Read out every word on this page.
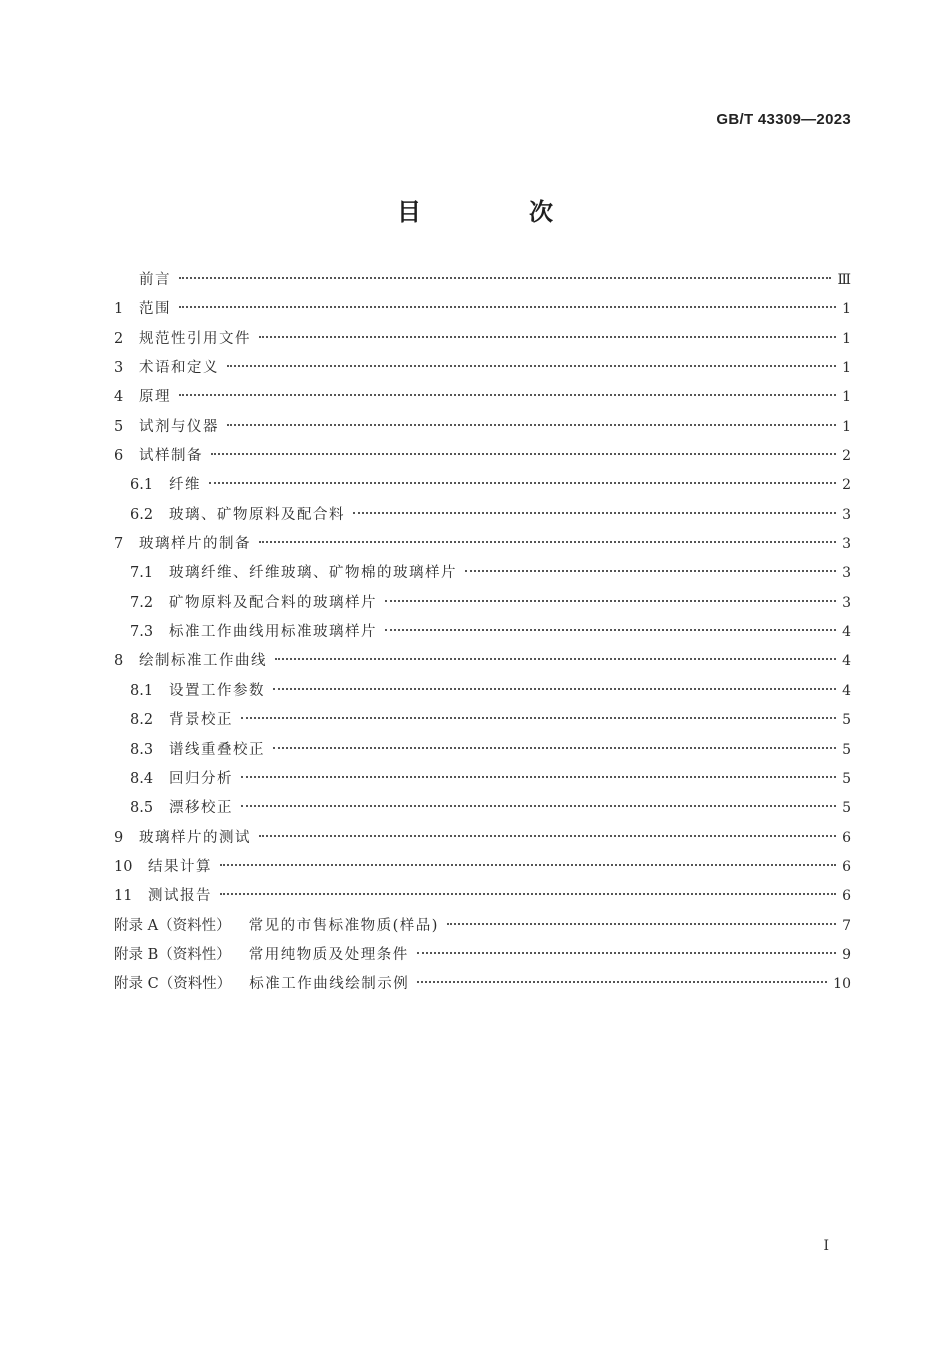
GB/T 43309—2023
目　次
前言	Ⅲ
1	范围	1
2	规范性引用文件	1
3	术语和定义	1
4	原理	1
5	试剂与仪器	1
6	试样制备	2
6.1	纤维	2
6.2	玻璃、矿物原料及配合料	3
7	玻璃样片的制备	3
7.1	玻璃纤维、纤维玻璃、矿物棉的玻璃样片	3
7.2	矿物原料及配合料的玻璃样片	3
7.3	标准工作曲线用标准玻璃样片	4
8	绘制标准工作曲线	4
8.1	设置工作参数	4
8.2	背景校正	5
8.3	谱线重叠校正	5
8.4	回归分析	5
8.5	漂移校正	5
9	玻璃样片的测试	6
10	结果计算	6
11	测试报告	6
附录 A（资料性） 常见的市售标准物质(样品)	7
附录 B（资料性） 常用纯物质及处理条件	9
附录 C（资料性） 标准工作曲线绘制示例	10
Ⅰ
